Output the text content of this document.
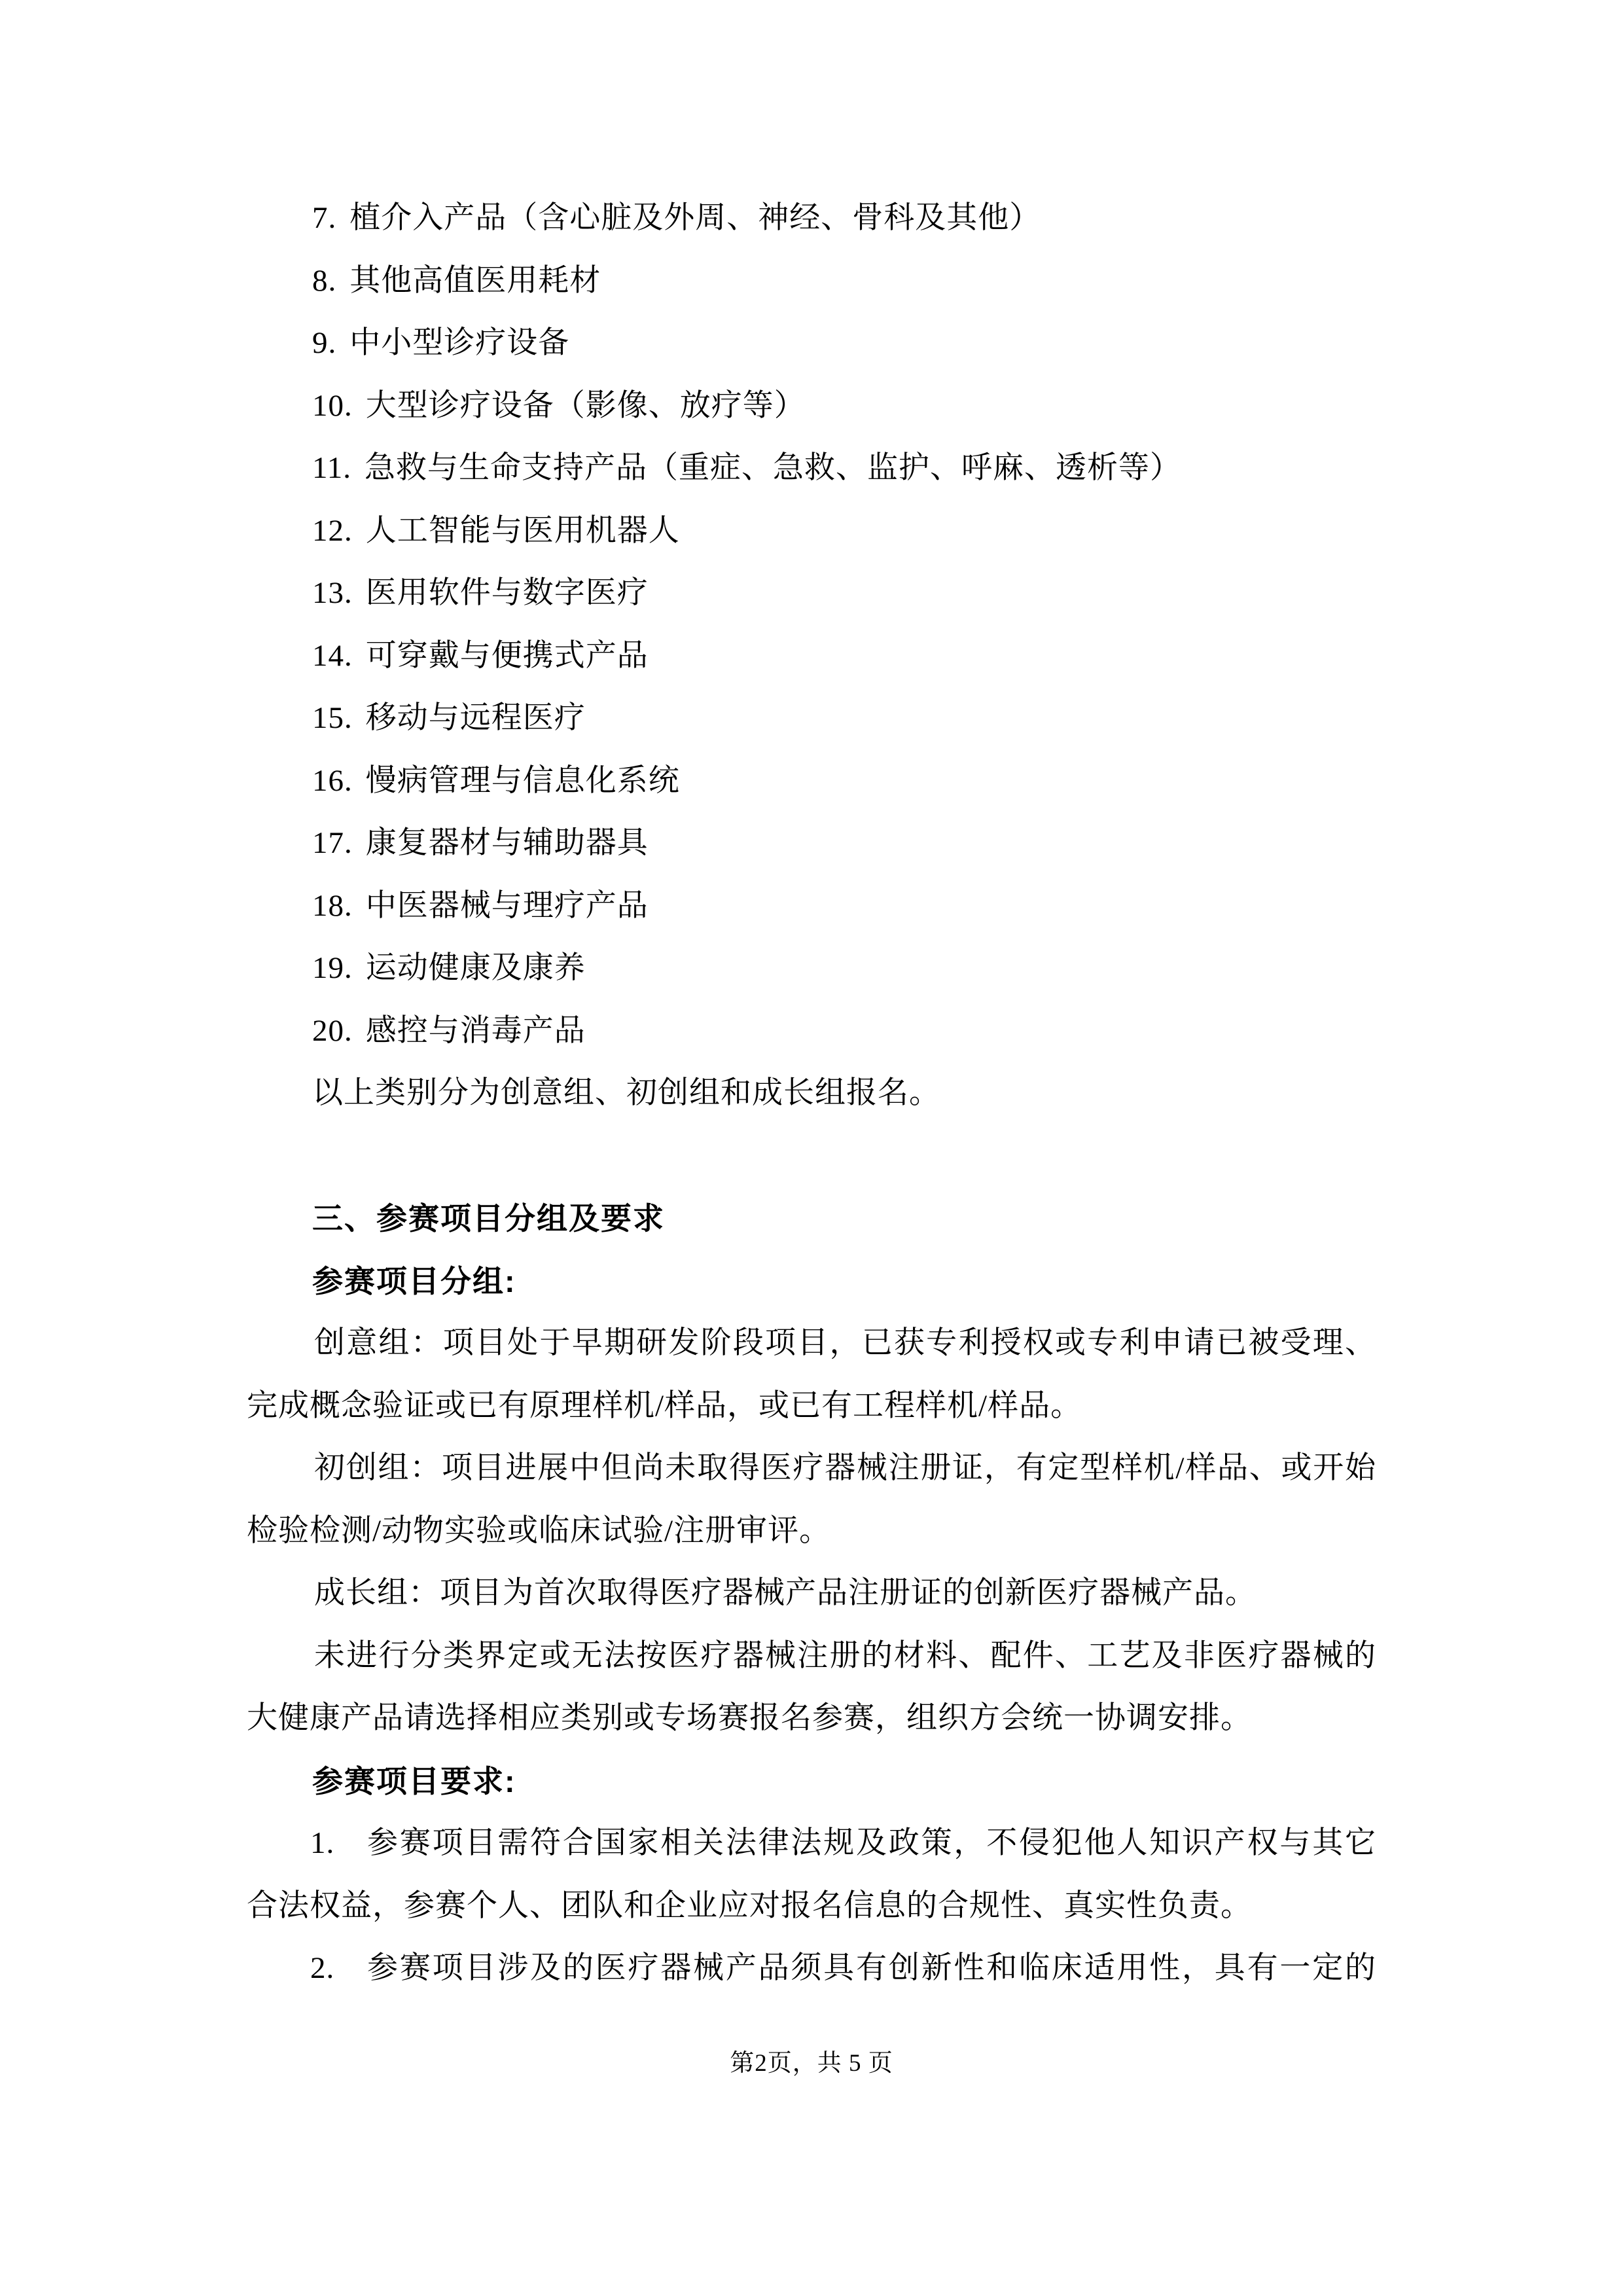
7. 植介入产品（含心脏及外周、神经、骨科及其他）
8. 其他高值医用耗材
9. 中小型诊疗设备
10. 大型诊疗设备（影像、放疗等）
11. 急救与生命支持产品（重症、急救、监护、呼麻、透析等）
12. 人工智能与医用机器人
13. 医用软件与数字医疗
14. 可穿戴与便携式产品
15. 移动与远程医疗
16. 慢病管理与信息化系统
17. 康复器材与辅助器具
18. 中医器械与理疗产品
19. 运动健康及康养
20. 感控与消毒产品
以上类别分为创意组、初创组和成长组报名。
三、参赛项目分组及要求
参赛项目分组:
创意组：项目处于早期研发阶段项目，已获专利授权或专利申请已被受理、
完成概念验证或已有原理样机/样品，或已有工程样机/样品。
初创组：项目进展中但尚未取得医疗器械注册证，有定型样机/样品、或开始
检验检测/动物实验或临床试验/注册审评。
成长组：项目为首次取得医疗器械产品注册证的创新医疗器械产品。
未进行分类界定或无法按医疗器械注册的材料、配件、工艺及非医疗器械的
大健康产品请选择相应类别或专场赛报名参赛，组织方会统一协调安排。
参赛项目要求:
1. 参赛项目需符合国家相关法律法规及政策，不侵犯他人知识产权与其它
合法权益，参赛个人、团队和企业应对报名信息的合规性、真实性负责。
2. 参赛项目涉及的医疗器械产品须具有创新性和临床适用性，具有一定的
第2页，共 5 页
